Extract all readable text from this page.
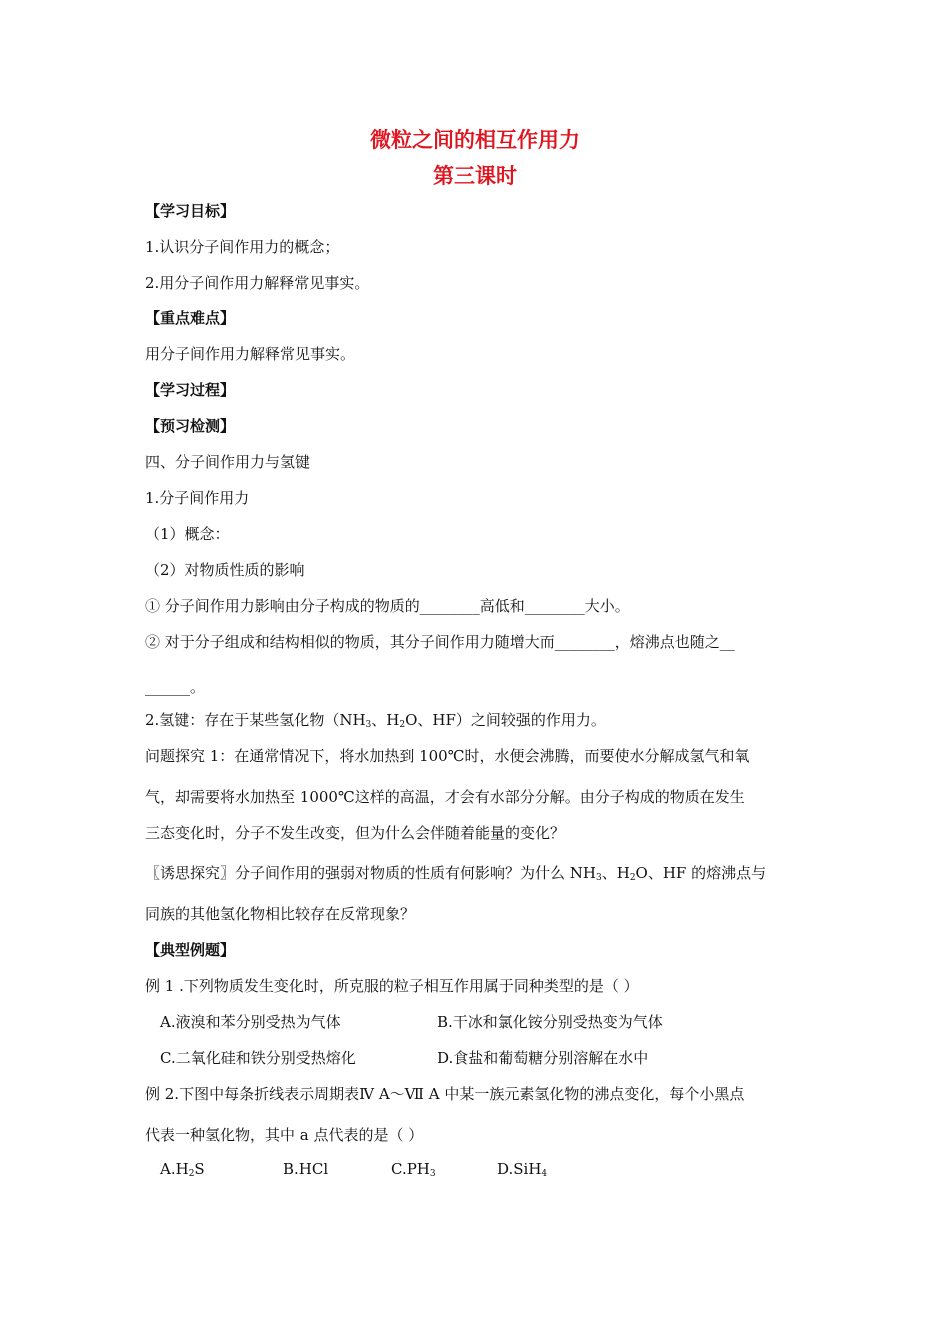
微粒之间的相互作用力
第三课时
【学习目标】
1.认识分子间作用力的概念；
2.用分子间作用力解释常见事实。
【重点难点】
用分子间作用力解释常见事实。
【学习过程】
【预习检测】
四、分子间作用力与氢键
1.分子间作用力
（1）概念：
（2）对物质性质的影响
① 分子间作用力影响由分子构成的物质的________高低和________大小。
② 对于分子组成和结构相似的物质，其分子间作用力随增大而________，熔沸点也随之__
______。
2.氢键：存在于某些氢化物（$NH_3$、$H_2O$、HF）之间较强的作用力。
问题探究 1：在通常情况下，将水加热到 100℃时，水便会沸腾，而要使水分解成氢气和氧
气，却需要将水加热至 1000℃这样的高温，才会有水部分分解。由分子构成的物质在发生
三态变化时，分子不发生改变，但为什么会伴随着能量的变化？
〖诱思探究〗分子间作用的强弱对物质的性质有何影响？为什么 $NH_3$、$H_2O$、HF 的熔沸点与
同族的其他氢化物相比较存在反常现象？
【典型例题】
例 1 .下列物质发生变化时，所克服的粒子相互作用属于同种类型的是（ ）
A.液溴和苯分别受热为气体	B.干冰和氯化铵分别受热变为气体
C.二氧化硅和铁分别受热熔化	D.食盐和葡萄糖分别溶解在水中
例 2.下图中每条折线表示周期表Ⅳ A～Ⅶ A 中某一族元素氢化物的沸点变化，每个小黑点
代表一种氢化物，其中 a 点代表的是（ ）
$A.H_2S$	B.HCl	$C.PH_3$	D.SiH$_4$
